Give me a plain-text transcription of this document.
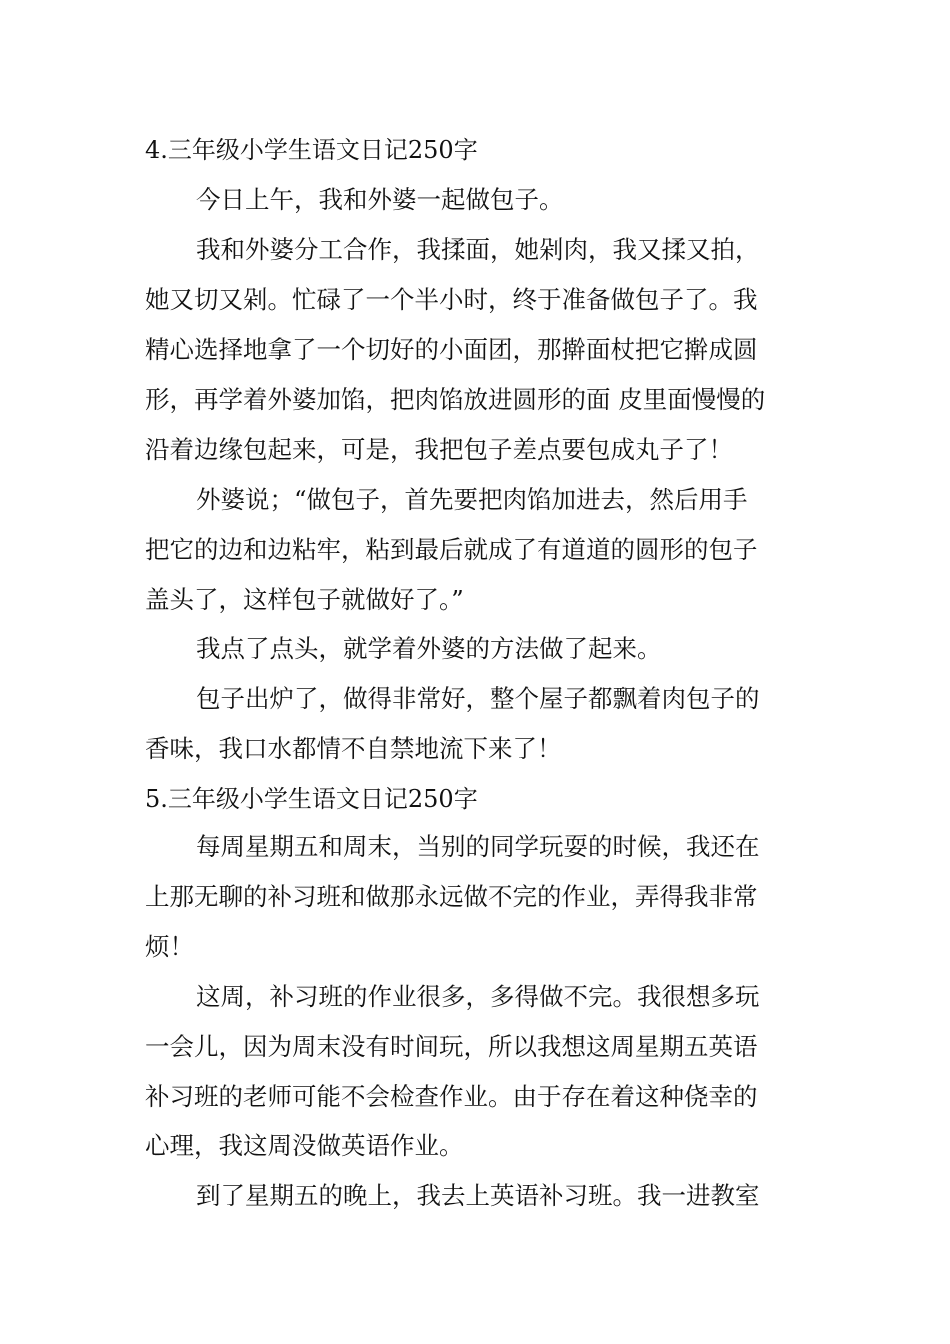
4.三年级小学生语文日记250字
今日上午，我和外婆一起做包子。
我和外婆分工合作，我揉面，她剁肉，我又揉又拍，
她又切又剁。忙碌了一个半小时，终于准备做包子了。我
精心选择地拿了一个切好的小面团，那擀面杖把它擀成圆
形，再学着外婆加馅，把肉馅放进圆形的面 皮里面慢慢的
沿着边缘包起来，可是，我把包子差点要包成丸子了！
外婆说；“做包子，首先要把肉馅加进去，然后用手
把它的边和边粘牢，粘到最后就成了有道道的圆形的包子
盖头了，这样包子就做好了。”
我点了点头，就学着外婆的方法做了起来。
包子出炉了，做得非常好，整个屋子都飘着肉包子的
香味，我口水都情不自禁地流下来了！
5.三年级小学生语文日记250字
每周星期五和周末，当别的同学玩耍的时候，我还在
上那无聊的补习班和做那永远做不完的作业，弄得我非常
烦！
这周，补习班的作业很多，多得做不完。我很想多玩
一会儿，因为周末没有时间玩，所以我想这周星期五英语
补习班的老师可能不会检查作业。由于存在着这种侥幸的
心理，我这周没做英语作业。
到了星期五的晚上，我去上英语补习班。我一进教室
